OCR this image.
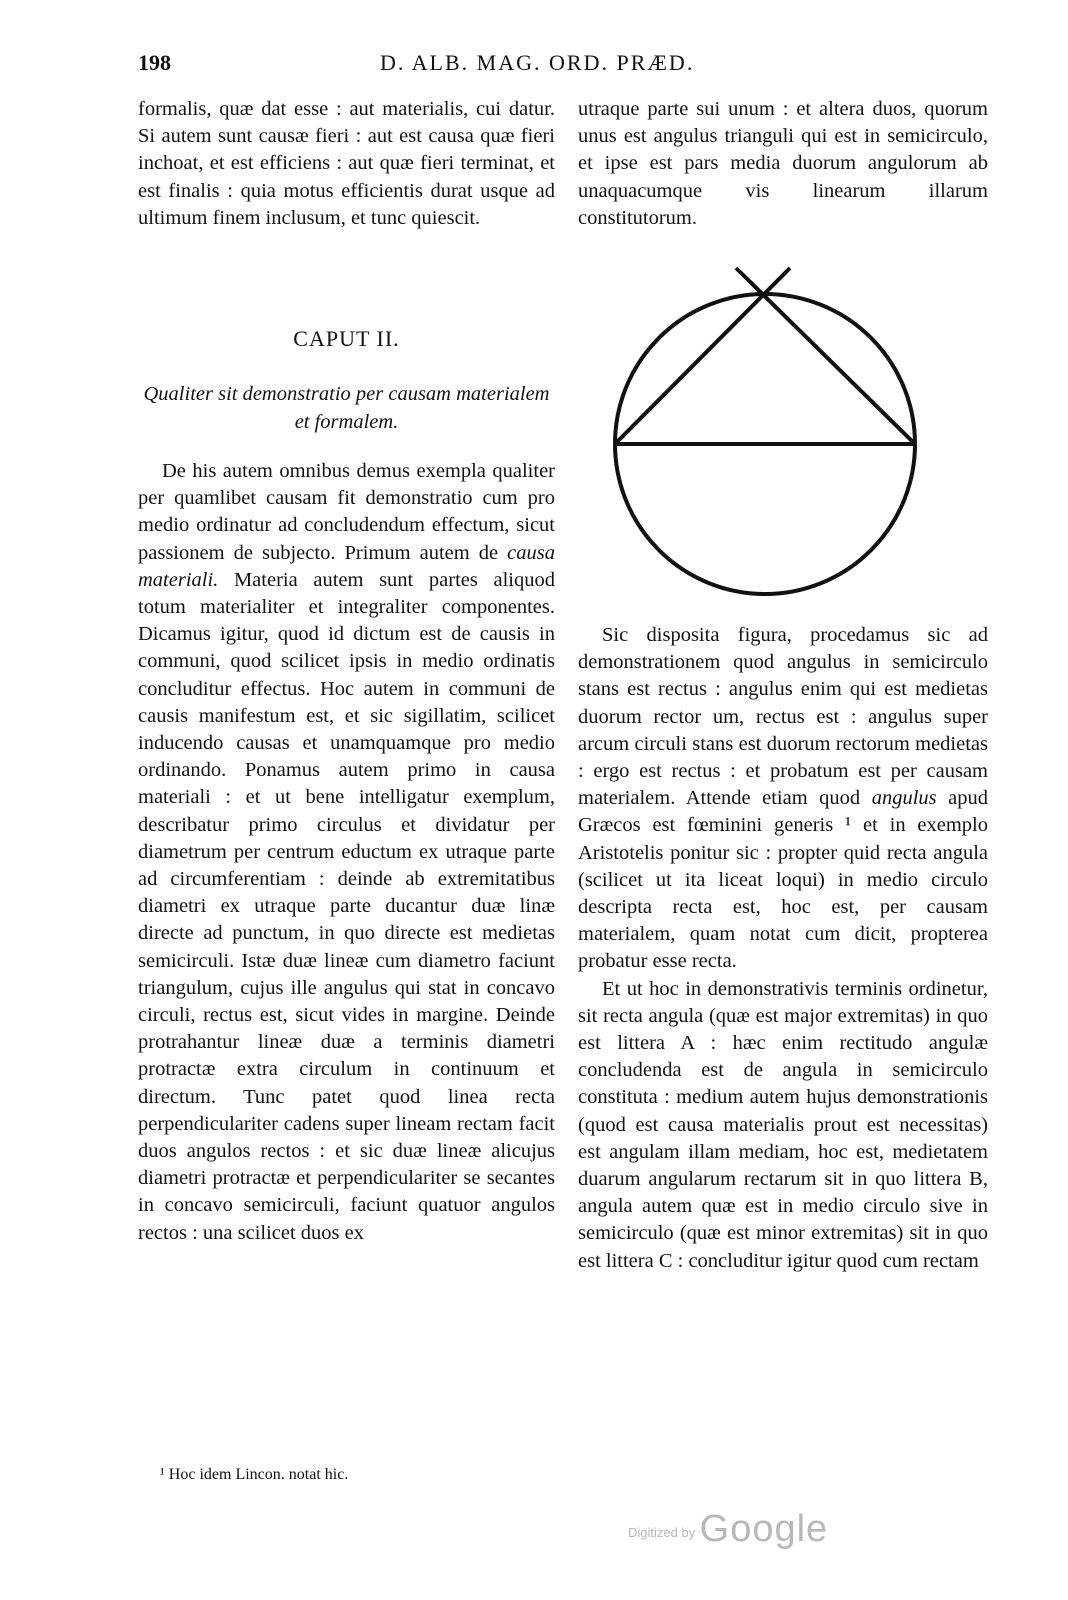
198	D. ALB. MAG. ORD. PRÆD.

formalis, quæ dat esse : aut materialis, cui datur. Si autem sunt causæ fieri : aut est causa quæ fieri inchoat, et est efficiens : aut quæ fieri terminat, et est finalis : quia motus efficientis durat usque ad ultimum finem inclusum, et tunc quiescit.

CAPUT II.
Qualiter sit demonstratio per causam materialem et formalem.

De his autem omnibus demus exempla qualiter per quamlibet causam fit demonstratio cum pro medio ordinatur ad concludendum effectum, sicut passionem de subjecto. Primum autem de causa materiali. Materia autem sunt partes aliquod totum materialiter et integraliter componentes. Dicamus igitur, quod id dictum est de causis in communi, quod scilicet ipsis in medio ordinatis concluditur effectus. Hoc autem in communi de causis manifestum est, et sic sigillatim, scilicet inducendo causas et unamquamque pro medio ordinando. Ponamus autem primo in causa materiali : et ut bene intelligatur exemplum, describatur primo circulus et dividatur per diametrum per centrum eductum ex utraque parte ad circumferentiam : deinde ab extremitatibus diametri ex utraque parte ducantur duæ linæ directe ad punctum, in quo directe est medietas semicirculi. Istæ duæ lineæ cum diametro faciunt triangulum, cujus ille angulus qui stat in concavo circuli, rectus est, sicut vides in margine. Deinde protrahantur lineæ duæ a terminis diametri protractæ extra circulum in continuum et directum. Tunc patet quod linea recta perpendiculariter cadens super lineam rectam facit duos angulos rectos : et sic duæ lineæ alicujus diametri protractæ et perpendiculariter se secantes in concavo semicirculi, faciunt quatuor angulos rectos : una scilicet duos ex

utraque parte sui unum : et altera duos, quorum unus est angulus trianguli qui est in semicirculo, et ipse est pars media duorum angulorum ab unaquacumque vis linearum illarum constitutorum.

Sic disposita figura, procedamus sic ad demonstrationem quod angulus in semicirculo stans est rectus : angulus enim qui est medietas duorum rector um, rectus est : angulus super arcum circuli stans est duorum rectorum medietas : ergo est rectus : et probatum est per causam materialem. Attende etiam quod angulus apud Græcos est fœminini generis ¹ et in exemplo Aristotelis ponitur sic : propter quid recta angula (scilicet ut ita liceat loqui) in medio circulo descripta recta est, hoc est, per causam materialem, quam notat cum dicit, propterea probatur esse recta.

Et ut hoc in demonstrativis terminis ordinetur, sit recta angula (quæ est major extremitas) in quo est littera A : hæc enim rectitudo angulæ concludenda est de angula in semicirculo constituta : medium autem hujus demonstrationis (quod est causa materialis prout est necessitas) est angulam illam mediam, hoc est, medietatem duarum angularum rectarum sit in quo littera B, angula autem quæ est in medio circulo sive in semicirculo (quæ est minor extremitas) sit in quo est littera C : concluditur igitur quod cum rectam

¹ Hoc idem Lincon. notat hic.
$^{Digitized by}$ Google
